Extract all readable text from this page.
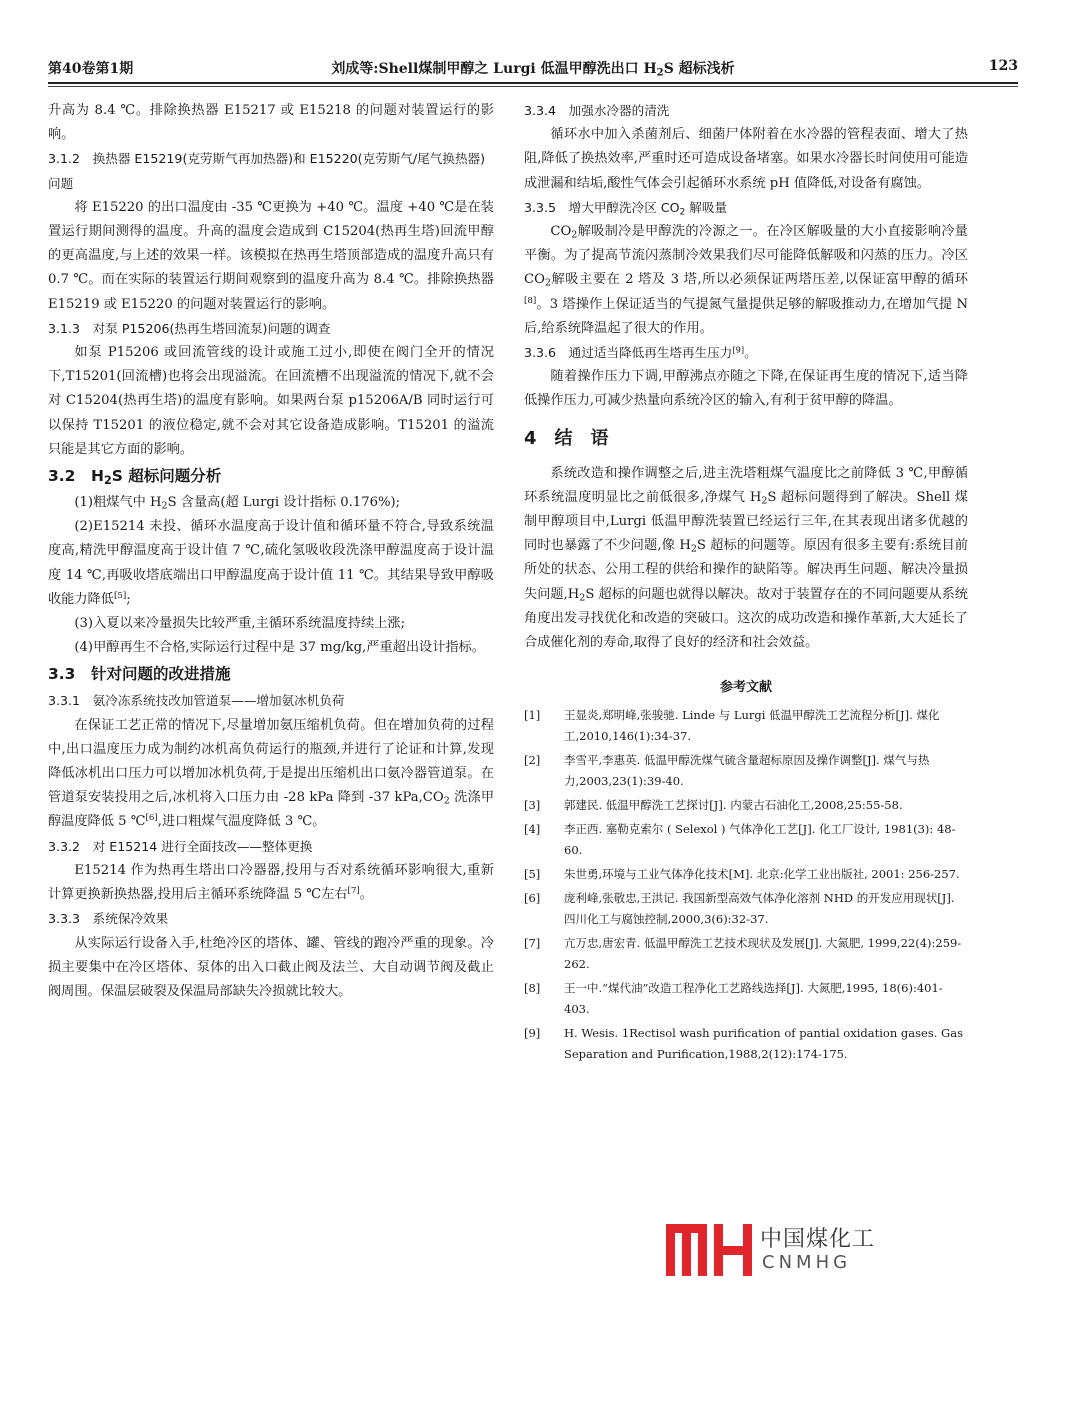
第40卷第1期	刘成等:Shell煤制甲醇之 Lurgi 低温甲醇洗出口 $H_2S$ 超标浅析	123

升高为 8.4 ℃。排除换热器 E15217 或 E15218 的问题对装置运行的影响。

3.1.2　换热器 E15219(克劳斯气再加热器)和 E15220(克劳斯气/尾气换热器)问题

将 E15220 的出口温度由 -35 ℃更换为 +40 ℃。温度 +40 ℃是在装置运行期间测得的温度。升高的温度会造成到 C15204(热再生塔)回流甲醇的更高温度,与上述的效果一样。该模拟在热再生塔顶部造成的温度升高只有 0.7 ℃。而在实际的装置运行期间观察到的温度升高为 8.4 ℃。排除换热器 E15219 或 E15220 的问题对装置运行的影响。

3.1.3　对泵 P15206(热再生塔回流泵)问题的调查

如泵 P15206 或回流管线的设计或施工过小,即使在阀门全开的情况下,T15201(回流槽)也将会出现溢流。在回流槽不出现溢流的情况下,就不会对 C15204(热再生塔)的温度有影响。如果两台泵 p15206A/B 同时运行可以保持 T15201 的液位稳定,就不会对其它设备造成影响。T15201 的溢流只能是其它方面的影响。

3.2　$H_2S$ 超标问题分析

(1)粗煤气中 $H_2S$ 含量高(超 Lurgi 设计指标 0.176%);

(2)E15214 未投、循环水温度高于设计值和循环量不符合,导致系统温度高,精洗甲醇温度高于设计值 7 ℃,硫化氢吸收段洗涤甲醇温度高于设计温度 14 ℃,再吸收塔底端出口甲醇温度高于设计值 11 ℃。其结果导致甲醇吸收能力降低[5];

(3)入夏以来冷量损失比较严重,主循环系统温度持续上涨;

(4)甲醇再生不合格,实际运行过程中是 37 mg/kg,严重超出设计指标。

3.3　针对问题的改进措施

3.3.1　氨冷冻系统技改加管道泵——增加氨冰机负荷

在保证工艺正常的情况下,尽量增加氨压缩机负荷。但在增加负荷的过程中,出口温度压力成为制约冰机高负荷运行的瓶颈,并进行了论证和计算,发现降低冰机出口压力可以增加冰机负荷,于是提出压缩机出口氨冷器管道泵。在管道泵安装投用之后,冰机将入口压力由 -28 kPa 降到 -37 $kPa,CO_2$ 洗涤甲醇温度降低 5 ℃[6],进口粗煤气温度降低 3 ℃。

3.3.2　对 E15214 进行全面技改——整体更换

E15214 作为热再生塔出口冷器器,投用与否对系统循环影响很大,重新计算更换新换热器,投用后主循环系统降温 5 ℃左右[7]。

3.3.3　系统保冷效果

从实际运行设备入手,杜绝冷区的塔体、罐、管线的跑冷严重的现象。冷损主要集中在冷区塔体、泵体的出入口截止阀及法兰、大自动调节阀及截止阀周围。保温层破裂及保温局部缺失冷损就比较大。

3.3.4　加强水冷器的清洗

循环水中加入杀菌剂后、细菌尸体附着在水冷器的管程表面、增大了热阻,降低了换热效率,严重时还可造成设备堵塞。如果水冷器长时间使用可能造成泄漏和结垢,酸性气体会引起循环水系统 pH 值降低,对设备有腐蚀。

3.3.5　增大甲醇洗冷区 $CO_2$ 解吸量

$CO_2$解吸制冷是甲醇洗的冷源之一。在冷区解吸量的大小直接影响冷量平衡。为了提高节流闪蒸制冷效果我们尽可能降低解吸和闪蒸的压力。冷区 $CO_2$解吸主要在 2 塔及 3 塔,所以必须保证两塔压差,以保证富甲醇的循环[8]。3 塔操作上保证适当的气提氮气量提供足够的解吸推动力,在增加气提 N 后,给系统降温起了很大的作用。

3.3.6　通过适当降低再生塔再生压力[9]。

随着操作压力下调,甲醇沸点亦随之下降,在保证再生度的情况下,适当降低操作压力,可减少热量向系统冷区的输入,有利于贫甲醇的降温。

4　结　语

系统改造和操作调整之后,进主洗塔粗煤气温度比之前降低 3 ℃,甲醇循环系统温度明显比之前低很多,净煤气 $H_2S$ 超标问题得到了解决。Shell 煤制甲醇项目中,Lurgi 低温甲醇洗装置已经运行三年,在其表现出诸多优越的同时也暴露了不少问题,像 $H_2S$ 超标的问题等。原因有很多主要有:系统目前所处的状态、公用工程的供给和操作的缺陷等。解决再生问题、解决冷量损失问题$,H_2S$ 超标的问题也就得以解决。故对于装置存在的不同问题要从系统角度出发寻找优化和改造的突破口。这次的成功改造和操作革新,大大延长了合成催化剂的寿命,取得了良好的经济和社会效益。

参考文献

[1]	王显炎,郑明峰,张骏驰. Linde 与 Lurgi 低温甲醇洗工艺流程分析[J]. 煤化工,2010,146(1):34-37.

[2]	李雪平,李惠英. 低温甲醇洗煤气硫含量超标原因及操作调整[J]. 煤气与热力,2003,23(1):39-40.

[3]	郭建民. 低温甲醇洗工艺探讨[J]. 内蒙古石油化工,2008,25:55-58.

[4]	李正西. 塞勒克索尔 ( Selexol ) 气体净化工艺[J]. 化工厂设计, 1981(3): 48-60.

[5]	朱世勇,环境与工业气体净化技术[M]. 北京:化学工业出版社, 2001: 256-257.

[6]	庞利峰,张敬忠,王洪记. 我国新型高效气体净化溶剂 NHD 的开发应用现状[J]. 四川化工与腐蚀控制,2000,3(6):32-37.

[7]	亢万忠,唐宏青. 低温甲醇洗工艺技术现状及发展[J]. 大氮肥, 1999,22(4):259-262.

[8]	王一中.“煤代油”改造工程净化工艺路线选择[J]. 大氮肥,1995, 18(6):401-403.

[9]	H. Wesis. 1Rectisol wash purification of pantial oxidation gases. Gas Separation and Purification,1988,2(12):174-175.

中国煤化工
CNMHG
